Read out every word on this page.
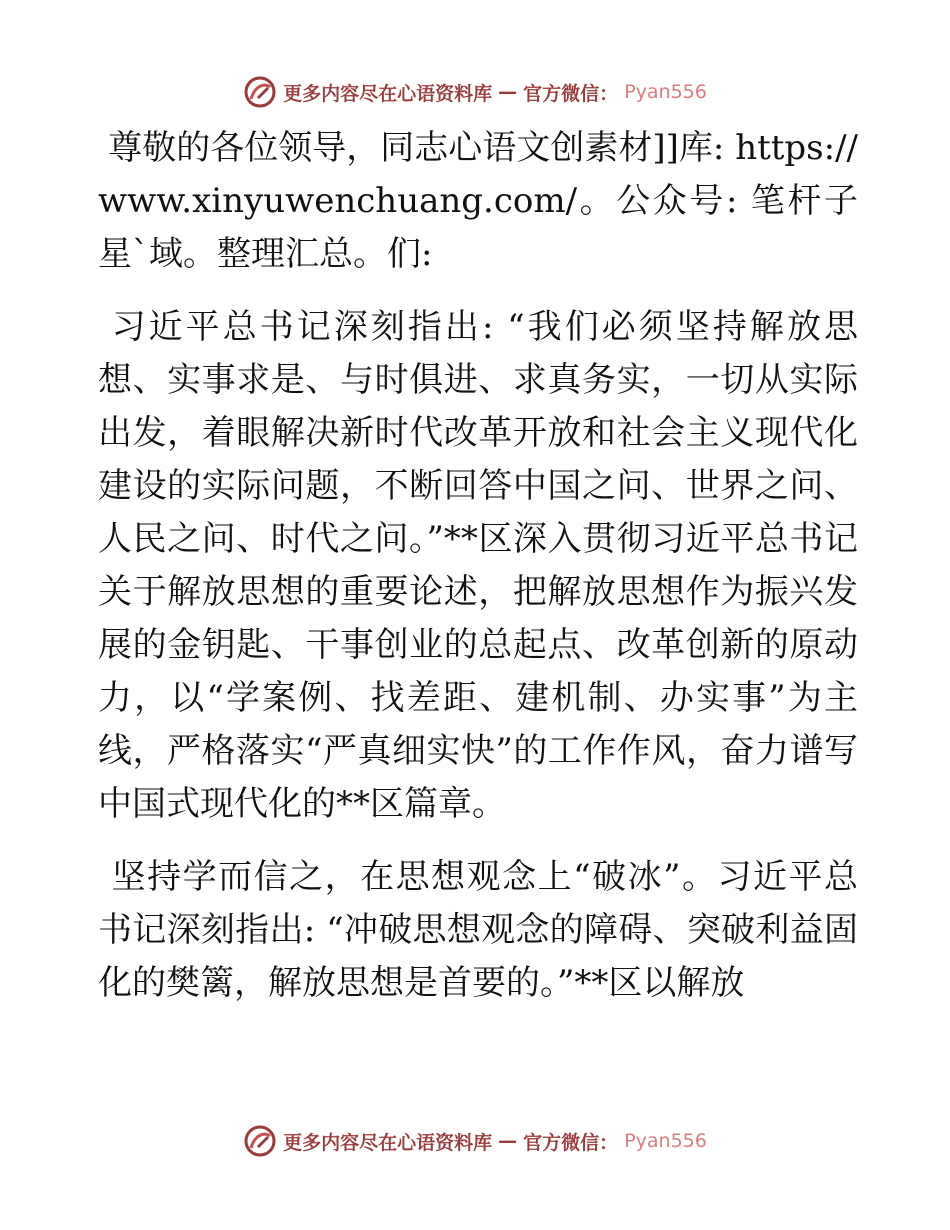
更多内容尽在心语资料库 — 官方微信： Pyan556

尊敬的各位领导，同志心语文创素材]]库: https://www.xinyuwenchuang.com/。公众号: 笔杆子星`域。整理汇总。们:

习近平总书记深刻指出: “我们必须坚持解放思想、实事求是、与时俱进、求真务实，一切从实际出发，着眼解决新时代改革开放和社会主义现代化建设的实际问题，不断回答中国之问、世界之问、人民之问、时代之问。”**区深入贯彻习近平总书记关于解放思想的重要论述，把解放思想作为振兴发展的金钥匙、干事创业的总起点、改革创新的原动力，以“学案例、找差距、建机制、办实事”为主线，严格落实“严真细实快”的工作作风，奋力谱写中国式现代化的**区篇章。

坚持学而信之，在思想观念上“破冰”。习近平总书记深刻指出: “冲破思想观念的障碍、突破利益固化的樊篱，解放思想是首要的。”**区以解放

更多内容尽在心语资料库 — 官方微信： Pyan556
